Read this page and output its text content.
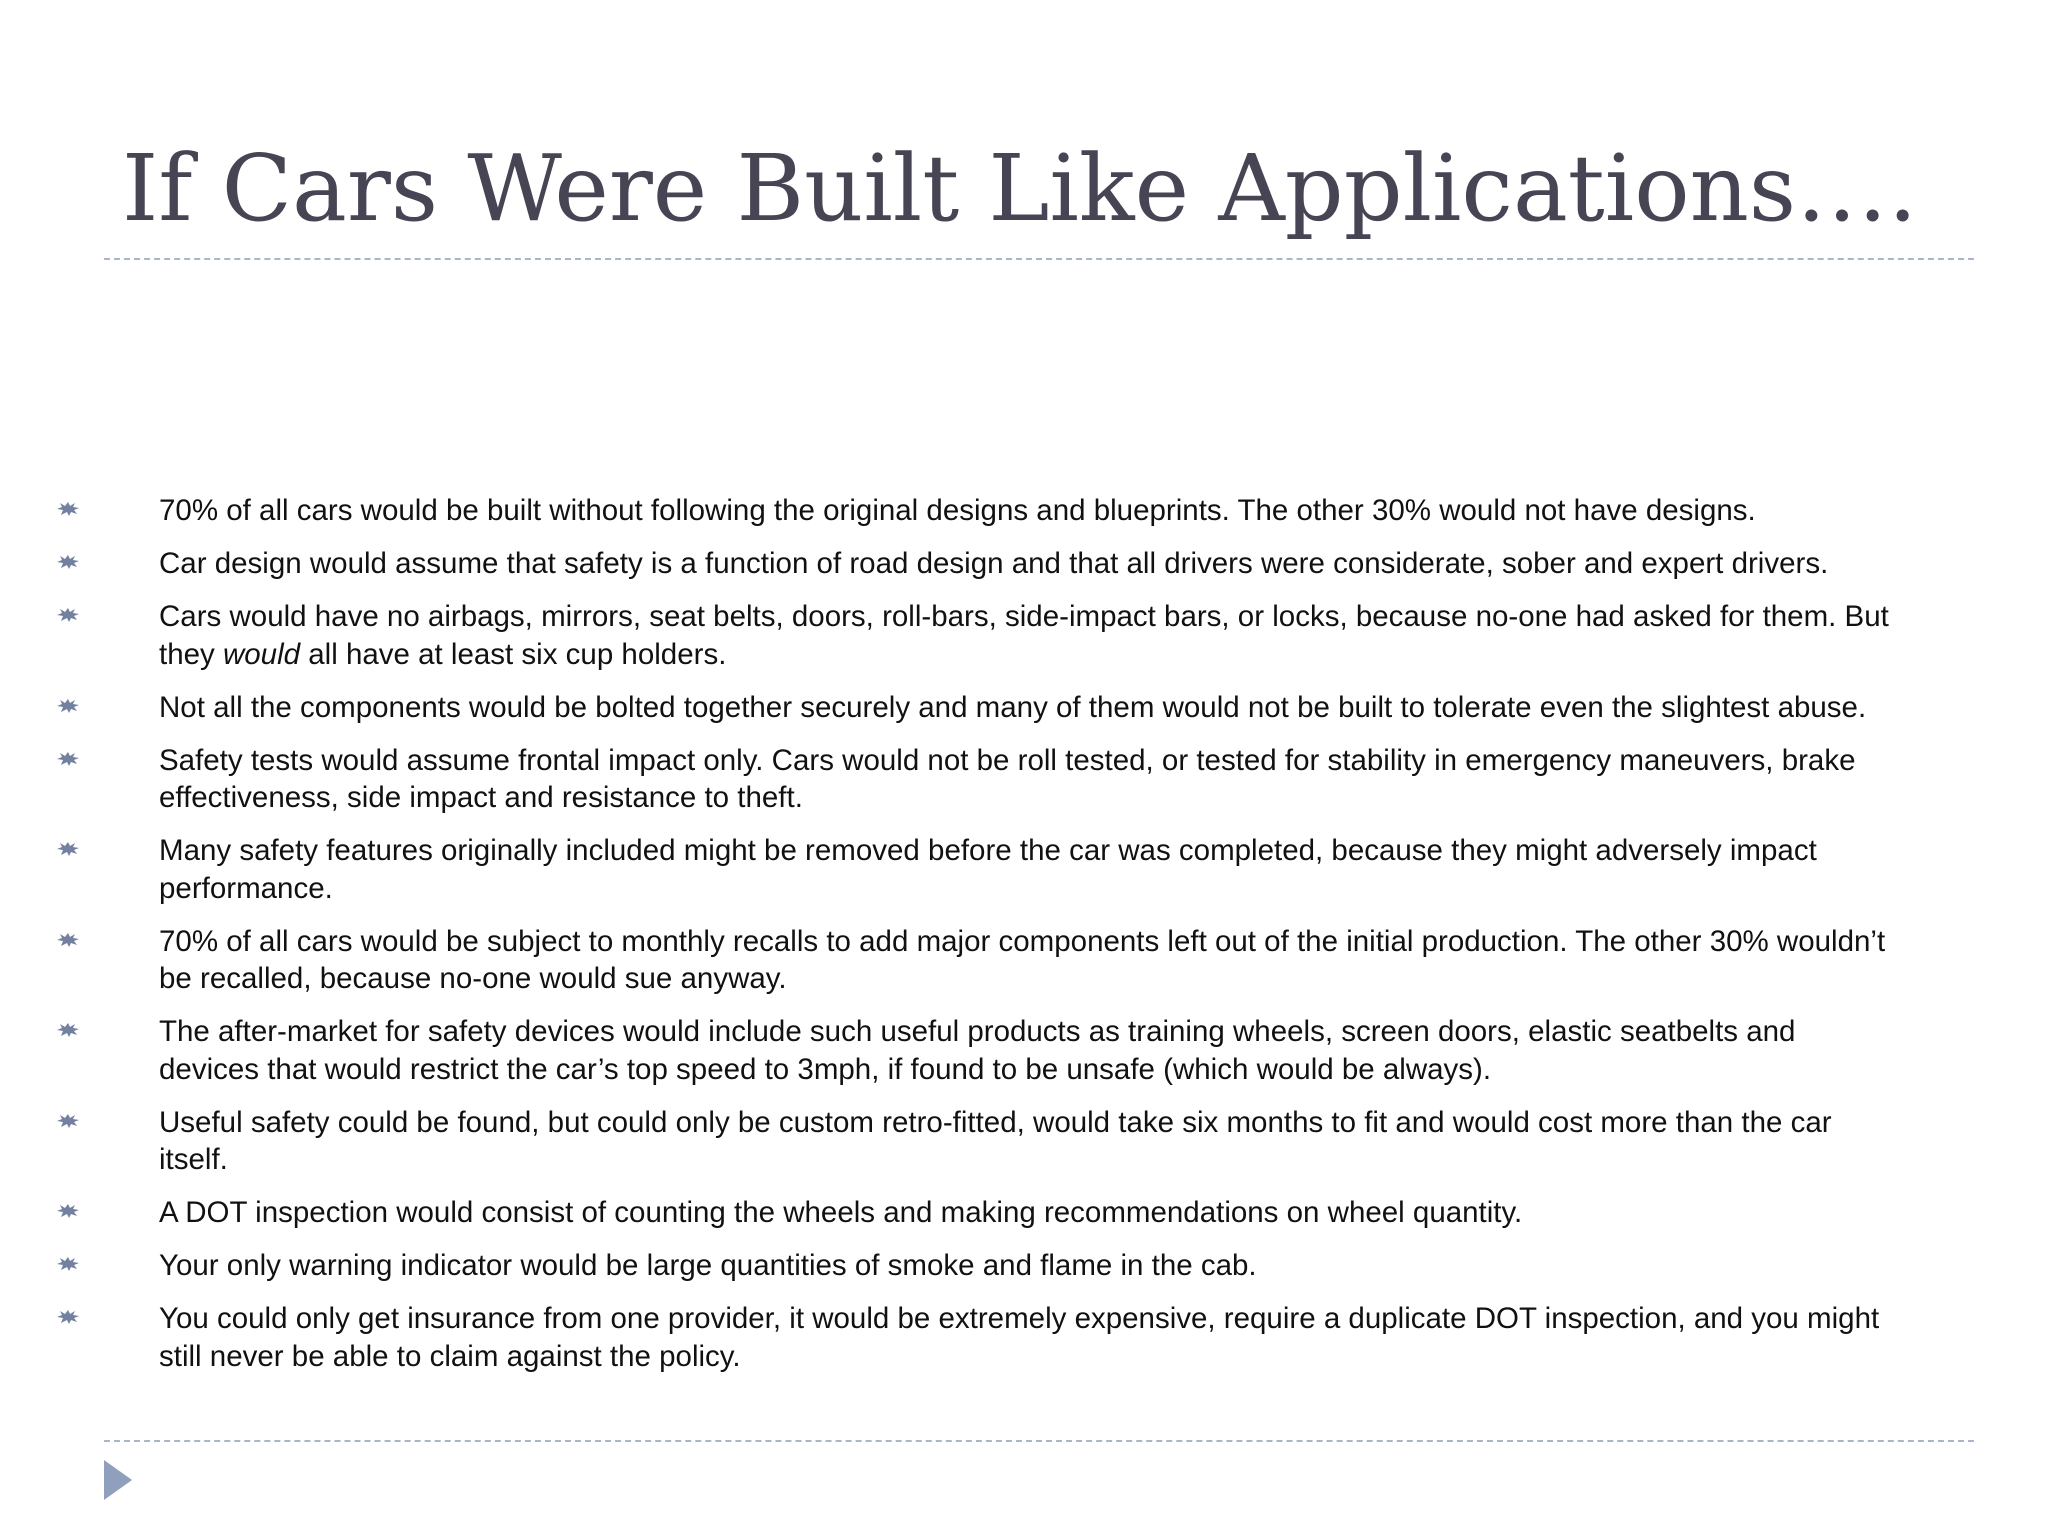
If Cars Were Built Like Applications….
70% of all cars would be built without following the original designs and blueprints. The other 30% would not have designs.
Car design would assume that safety is a function of road design and that all drivers were considerate, sober and expert drivers.
Cars would have no airbags, mirrors, seat belts, doors, roll-bars, side-impact bars, or locks, because no-one had asked for them. But they would all have at least six cup holders.
Not all the components would be bolted together securely and many of them would not be built to tolerate even the slightest abuse.
Safety tests would assume frontal impact only. Cars would not be roll tested, or tested for stability in emergency maneuvers, brake effectiveness, side impact and resistance to theft.
Many safety features originally included might be removed before the car was completed, because they might adversely impact performance.
70% of all cars would be subject to monthly recalls to add major components left out of the initial production. The other 30% wouldn’t be recalled, because no-one would sue anyway.
The after-market for safety devices would include such useful products as training wheels, screen doors, elastic seatbelts and devices that would restrict the car’s top speed to 3mph, if found to be unsafe (which would be always).
Useful safety could be found, but could only be custom retro-fitted, would take six months to fit and would cost more than the car itself.
A DOT inspection would consist of counting the wheels and making recommendations on wheel quantity.
Your only warning indicator would be large quantities of smoke and flame in the cab.
You could only get insurance from one provider, it would be extremely expensive, require a duplicate DOT inspection, and you might still never be able to claim against the policy.
